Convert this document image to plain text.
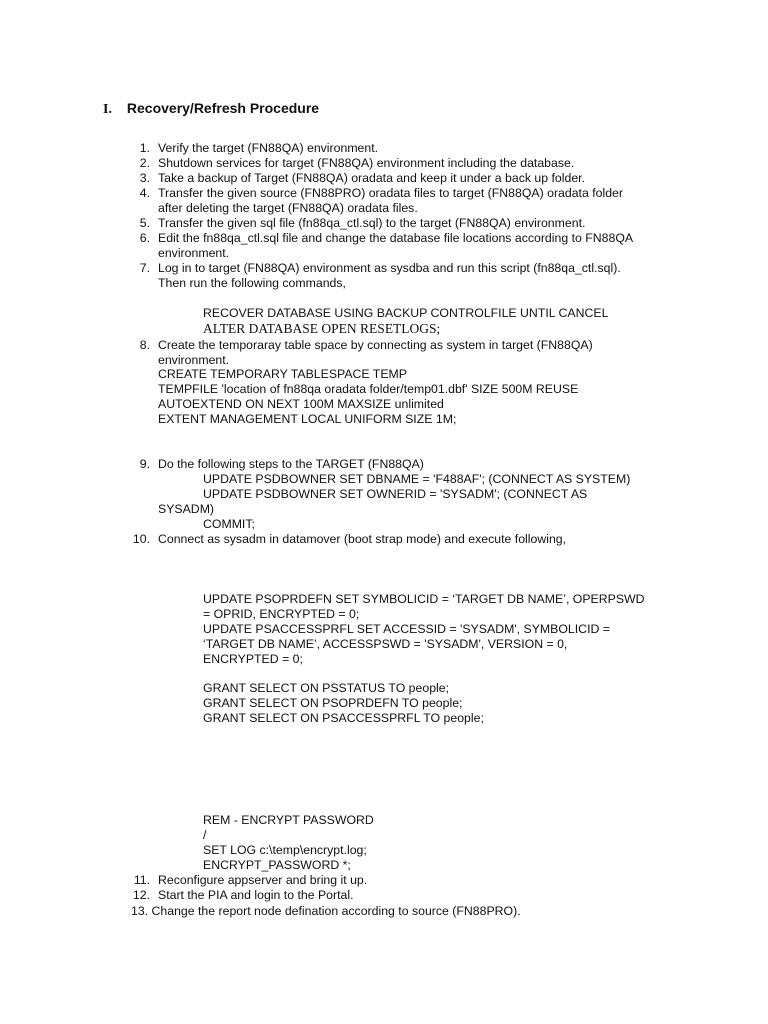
I. Recovery/Refresh Procedure
1. Verify the target (FN88QA) environment.
2. Shutdown services for target (FN88QA) environment including the database.
3. Take a backup of Target (FN88QA) oradata and keep it under a back up folder.
4. Transfer the given source (FN88PRO) oradata files to target (FN88QA) oradata folder
after deleting the target (FN88QA) oradata files.
5. Transfer the given sql file (fn88qa_ctl.sql) to the target (FN88QA) environment.
6. Edit the fn88qa_ctl.sql file and change the database file locations according to FN88QA
environment.
7. Log in to target (FN88QA) environment as sysdba and run this script (fn88qa_ctl.sql).
Then run the following commands,
RECOVER DATABASE USING BACKUP CONTROLFILE UNTIL CANCEL
ALTER DATABASE OPEN RESETLOGS;
8. Create the temporaray table space by connecting as system in target (FN88QA)
environment.
CREATE TEMPORARY TABLESPACE TEMP
TEMPFILE 'location of fn88qa oradata folder/temp01.dbf' SIZE 500M REUSE
AUTOEXTEND ON NEXT 100M MAXSIZE unlimited
EXTENT MANAGEMENT LOCAL UNIFORM SIZE 1M;
9. Do the following steps to the TARGET (FN88QA)
UPDATE PSDBOWNER SET DBNAME = 'F488AF'; (CONNECT AS SYSTEM)
UPDATE PSDBOWNER SET OWNERID = 'SYSADM'; (CONNECT AS
SYSADM)
COMMIT;
10. Connect as sysadm in datamover (boot strap mode) and execute following,
UPDATE PSOPRDEFN SET SYMBOLICID = ‘TARGET DB NAME’, OPERPSWD
= OPRID, ENCRYPTED = 0;
UPDATE PSACCESSPRFL SET ACCESSID = 'SYSADM', SYMBOLICID =
‘TARGET DB NAME’, ACCESSPSWD = 'SYSADM', VERSION = 0,
ENCRYPTED = 0;
GRANT SELECT ON PSSTATUS TO people;
GRANT SELECT ON PSOPRDEFN TO people;
GRANT SELECT ON PSACCESSPRFL TO people;
REM - ENCRYPT PASSWORD
/
SET LOG c:\temp\encrypt.log;
ENCRYPT_PASSWORD *;
11. Reconfigure appserver and bring it up.
12. Start the PIA and login to the Portal.
13. Change the report node defination according to source (FN88PRO).
